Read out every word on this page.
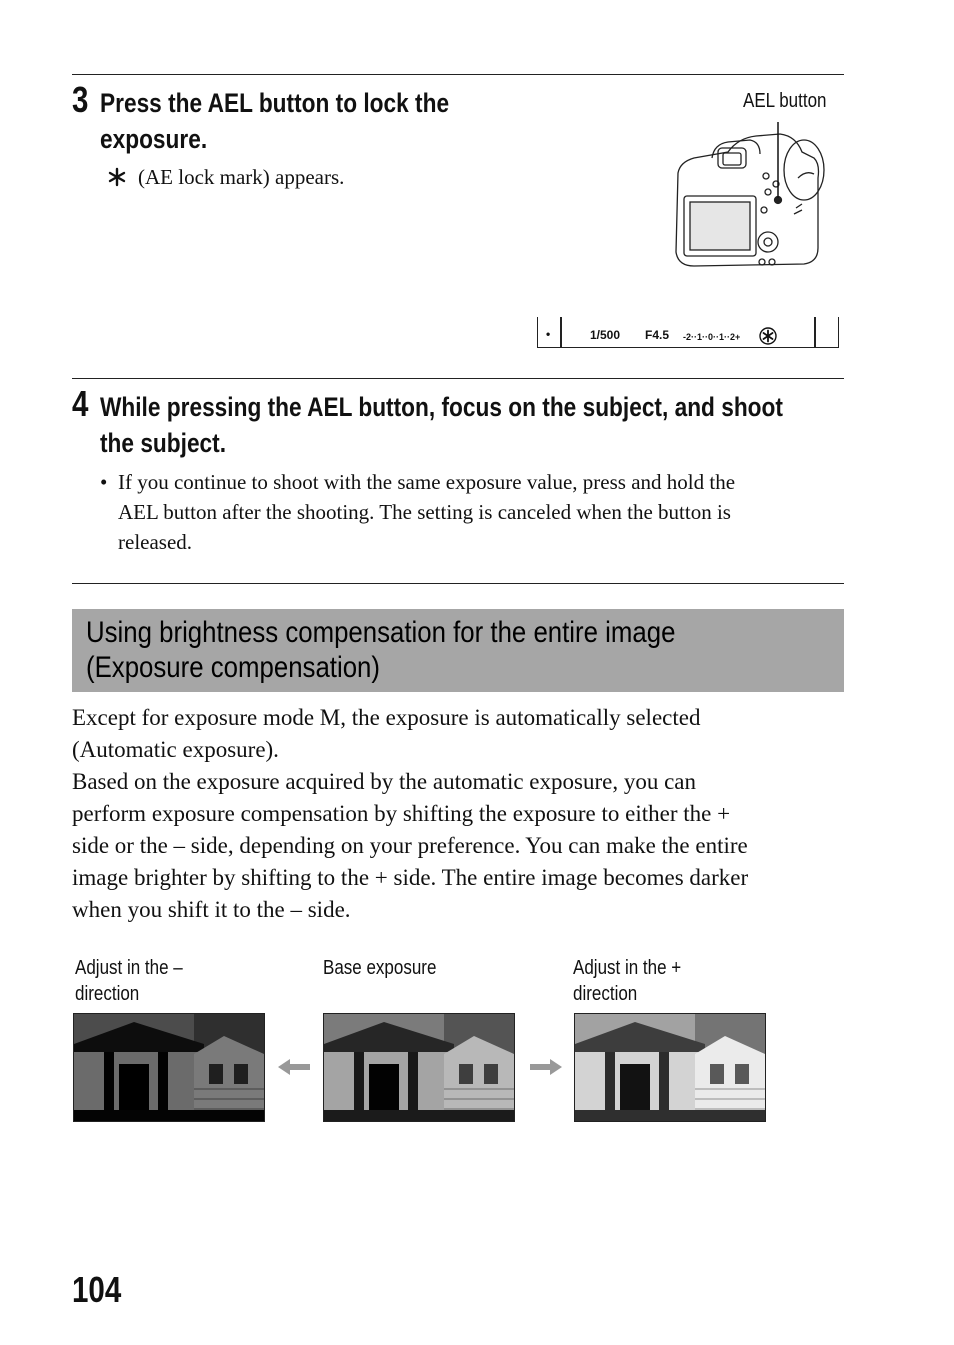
3 Press the AEL button to lock the
exposure.

(AE lock mark) appears.

AEL button

•	1/500 F4.5 -2··1··0··1··2+
4 While pressing the AEL button, focus on the subject, and shoot
the subject.

• If you continue to shoot with the same exposure value, press and hold the
AEL button after the shooting. The setting is canceled when the button is
released.

Using brightness compensation for the entire image
(Exposure compensation)

Except for exposure mode M, the exposure is automatically selected
(Automatic exposure).

Based on the exposure acquired by the automatic exposure, you can
perform exposure compensation by shifting the exposure to either the +
side or the – side, depending on your preference. You can make the entire
image brighter by shifting to the + side. The entire image becomes darker
when you shift it to the – side.

Adjust in the –
direction

Base exposure	Adjust in the +
direction

104
